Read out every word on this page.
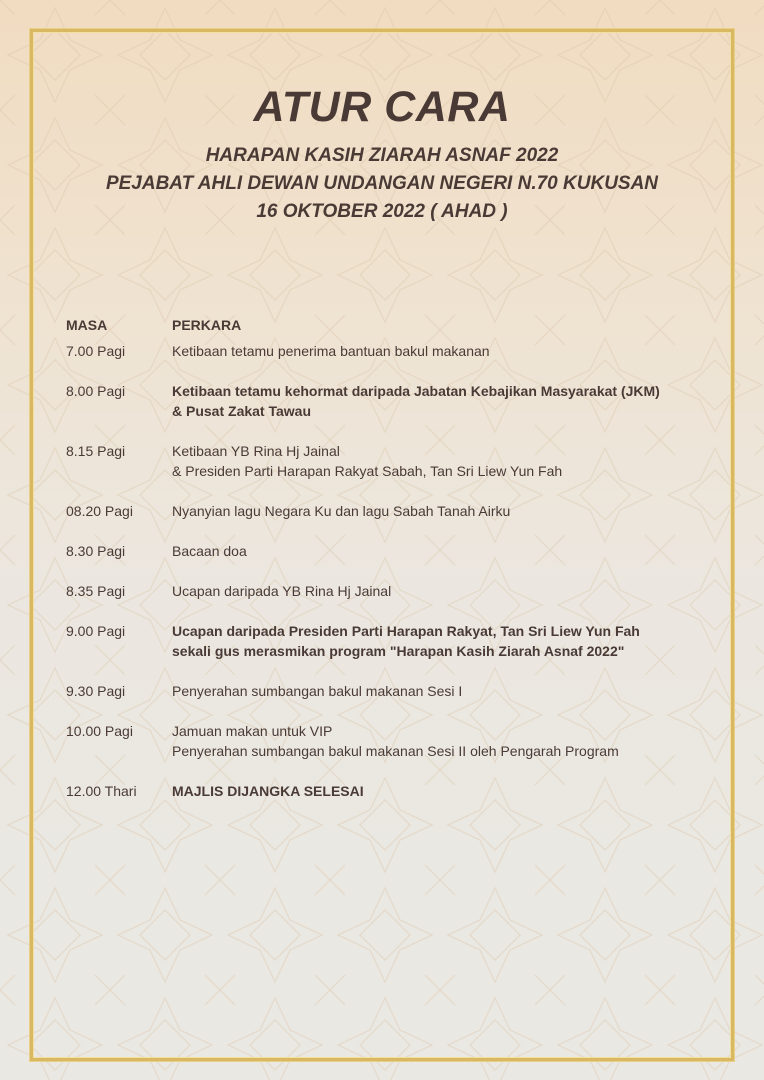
ATUR CARA
HARAPAN KASIH ZIARAH ASNAF 2022
PEJABAT AHLI DEWAN UNDANGAN NEGERI N.70 KUKUSAN
16 OKTOBER 2022 ( AHAD )
MASA	PERKARA
7.00 Pagi	Ketibaan tetamu penerima bantuan bakul makanan
8.00 Pagi	Ketibaan tetamu kehormat daripada Jabatan Kebajikan Masyarakat (JKM)
& Pusat Zakat Tawau
8.15 Pagi	Ketibaan YB Rina Hj Jainal
& Presiden Parti Harapan Rakyat Sabah, Tan Sri Liew Yun Fah
08.20 Pagi	Nyanyian lagu Negara Ku dan lagu Sabah Tanah Airku
8.30 Pagi	Bacaan doa
8.35 Pagi	Ucapan daripada YB Rina Hj Jainal
9.00 Pagi	Ucapan daripada Presiden Parti Harapan Rakyat, Tan Sri Liew Yun Fah
sekali gus merasmikan program "Harapan Kasih Ziarah Asnaf 2022"
9.30 Pagi	Penyerahan sumbangan bakul makanan Sesi I
10.00 Pagi	Jamuan makan untuk VIP
Penyerahan sumbangan bakul makanan Sesi II oleh Pengarah Program
12.00 Thari	MAJLIS DIJANGKA SELESAI
